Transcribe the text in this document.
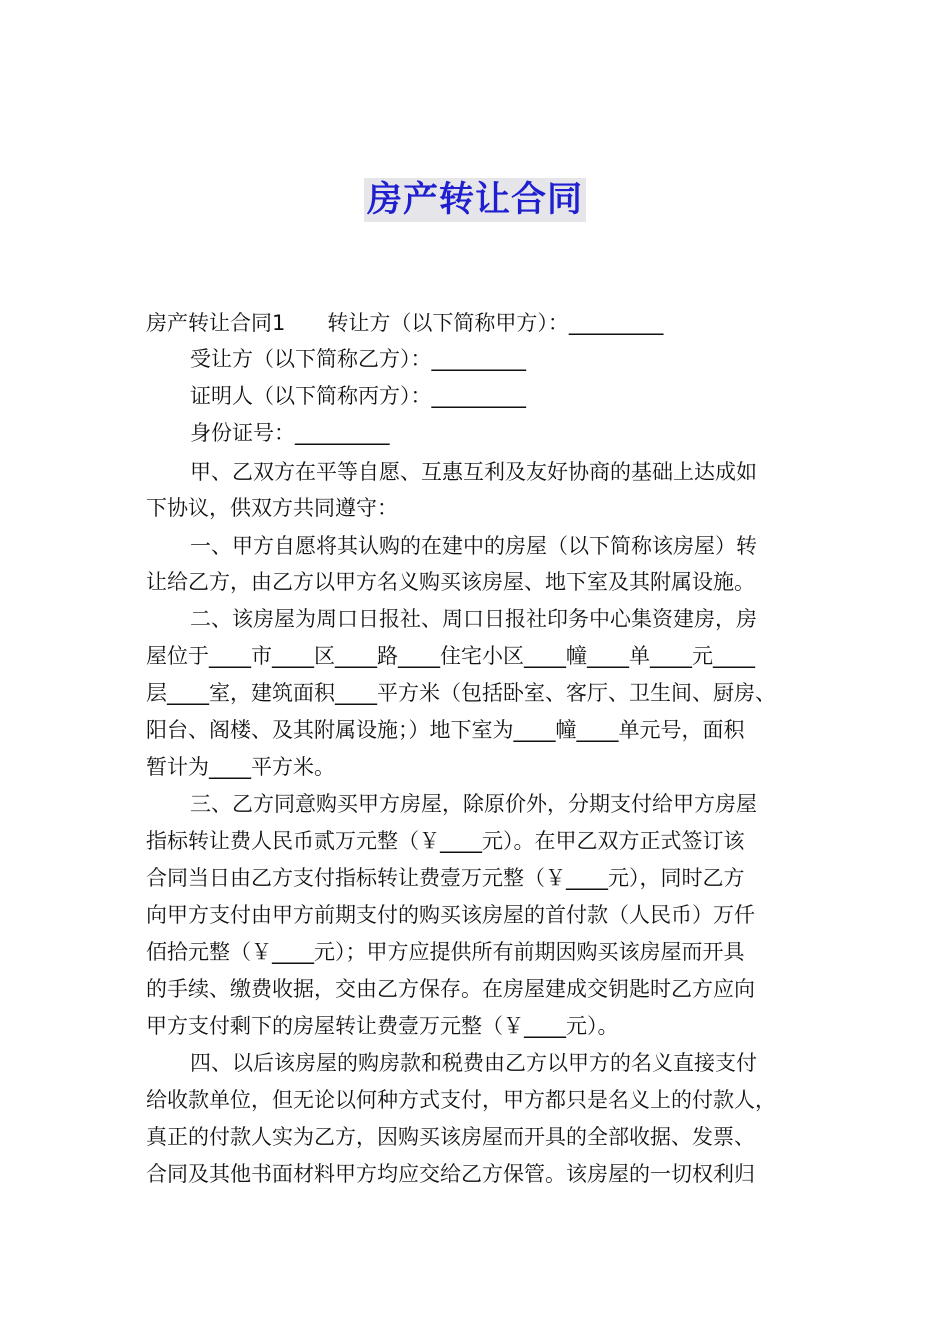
房产转让合同
房产转让合同1　　转让方（以下简称甲方）：_________
受让方（以下简称乙方）：_________
证明人（以下简称丙方）：_________
身份证号：_________
甲、乙双方在平等自愿、互惠互利及友好协商的基础上达成如
下协议，供双方共同遵守：
一、甲方自愿将其认购的在建中的房屋（以下简称该房屋）转
让给乙方，由乙方以甲方名义购买该房屋、地下室及其附属设施。
二、该房屋为周口日报社、周口日报社印务中心集资建房，房
屋位于____市____区____路____住宅小区____幢____单____元____
层____室，建筑面积____平方米（包括卧室、客厅、卫生间、厨房、
阳台、阁楼、及其附属设施；）地下室为____幢____单元号，面积
暂计为____平方米。
三、乙方同意购买甲方房屋，除原价外，分期支付给甲方房屋
指标转让费人民币贰万元整（￥____元）。在甲乙双方正式签订该
合同当日由乙方支付指标转让费壹万元整（￥____元），同时乙方
向甲方支付由甲方前期支付的购买该房屋的首付款（人民币）万仟
佰拾元整（￥____元）；甲方应提供所有前期因购买该房屋而开具
的手续、缴费收据，交由乙方保存。在房屋建成交钥匙时乙方应向
甲方支付剩下的房屋转让费壹万元整（￥____元）。
四、以后该房屋的购房款和税费由乙方以甲方的名义直接支付
给收款单位，但无论以何种方式支付，甲方都只是名义上的付款人，
真正的付款人实为乙方，因购买该房屋而开具的全部收据、发票、
合同及其他书面材料甲方均应交给乙方保管。该房屋的一切权利归
